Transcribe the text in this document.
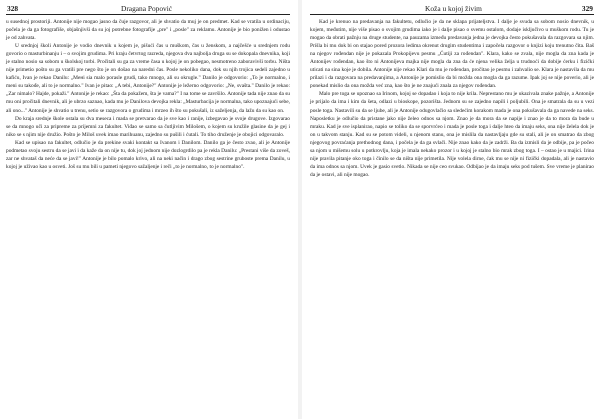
328	Dragana Popović

u susednoj prostoriji. Antonije nije mogao jasno da čuje razgovor, ali je shvatio da muj je on predmet. Kad se vratila u ordinaciju, počela je da ga fotografiše, objašnjivši da su joj potrebne fotografije „pre" i „posle" za reklamu. Antonije je bio ponižen i odustao je od zahvata.

U srednjoj školi Antonije je vodio dnevnik u kojem je, pišući čas u muškom, čas u ženskom, a najčešće u srednjem rodu govorio o masturbinanju i – o svojim grudima. Pri kraju četvrtog razreda, njegova dva najbolja druga su se dokopala dnevnika, koji je stalno nosio sa sobom u školskoj torbi. Pročitali su ga za vreme časa u kojoj je on pobegao, nesmotreno zaboravivši torbu. Ništa nije primetio pošto su ga vratili pre nego što je on došao na naredni čas. Posle nekoliko dana, dok su njih trojica sedeli zajedno u kafiću, Ivan je rekao Danilu: „Mені sia malo porasle grudi, tako mnogo, ali su okrugle." Danilo je odgovorio: „To je normalno, i meni su takođe, ali to je normalno." Ivan je pitao: „A tebi, Antonije?" Antonije je ležerno odgovorio: „Ne, svašta." Danilo je rekao: „Zar nimalo? Hajde, pokaži." Antonije je rekao: „Šta da pokažem, šta je vama?" I na tome se završilo. Antonije tada nije znao da su mu oni pročitali dnevnik, ali je ubrzo saznao, kada mu je Danilova devojka rekla: „Masturbacija je normalna, tako upoznajući sebe, ali ono..." Antonije je shvatio u trenu, setio se razgovora o grudima i mrzeo ih što su pokušali, iz saželjenja, da lažu da su kao on.

Do kraja srednje škole ostala su dva meseca i mada se pretvarao da je sve kao i ranije, izbegavao je svoje drugove. Izgovarao se da mnogo uči za pripreme za prijemni za fakultet. Viđao se samo sa čutljivim Milošem, o kojem su kružile glasine da je gej i niko se s njim nije družio. Pošto je Miloš uvek imao marihuanu, zajedno su pušili i ćutali. To tiho druženje je obojici odgovaralo.

Kad se upisao na fakultet, odlučio je da prekine svaki kontakt sa Ivanom i Danilom. Danilo ga je često zvao, ali je Antonije podmetao svoju sestru da se javi i da kaže da on nije tu, dok joj jednom nije dozlogrdilo pa je rekla Danilu: „Prestani više da zoveš, zar ne shvataš da neće da se javi!" Antonije je bilo pomalo krivo, ali na neki način i drago zbog sestrine gruboste prema Danilu, u kojoj je uživao kao u osveti. Još su mu bili u pameti njegovo sažaljenje i reči „to je normalno, to je normalno".

Koža u kojoj živim	329

Kad je krenuo na predavanja na fakultetu, odlučio je da ne sklapa prijateljstva. I dalje je svuda sa sobom nosio dnevnik, u kojem, međutim, nije više pisao o svojim grudima iako je i dalje pisao o svemu ostalom, dodaje isključivo u muškom rodu. Tu je mogao da obrati pažnju na druge studente, na pauzama između predavanja jedna je devojka često pokušavala da razgovara sa njim. Prišla bi mu dok bi on stajao pored prozora ledima okrenut drugim studentima i započela razgovor o knjizi koju trenutno čita. Baš na njegov rođendan nije je pokazala Prokopijevu pesmu „Ćutiji za rođendan". Klara, kako se zvala, nije mogla da zna kada je Antonijev rođendan, kao što ni Antonijeva majka nije mogla da zna da će njena velika želja u trudnoći da dobije ćerku i fizički uticati na sina koje je dobila. Antonije nije rekao Klari da mu je rođendan, pročitao je pesmu i zahvalio se. Klara je nastavila da mu prilazi i da razgovara na predavanjima, a Antonije je pomislio da bi možda ona mogla da ga razume. Ipak joj se nije poverio, ali je ponekad mislio da ona možda već zna, kao što je ne znajući znala za njegov rođendan.

Malo pre toga se upoznao sa Irinom, kojoj se dopadao i koja to nije krila. Neprestano mu je ukazivala znake pažnje, a Antonije je prijalo da ima i kim da šeta, odlazi u bioskope, pozorišta. Jednom su se zajedno napili i poljubili. Ona je smatrala da su u vezi posle toga. Nastavili su da se ljube, ali je Antonije odugovlačio sa sledećim korakom mada je ona pokušavala da ga navede na seks. Naposletku je odlučio da pristane jako nije želeo odnos sa njom. Znao je da mora da se napije i znao je da to mora da bude u mraku. Kad je sve isplanirao, napio se toliko da se sporvrćeo i mada je posle toga i dalje hteo da imaju seks, ona nije želela dok je on u takvom stanju. Kad su se potom videli, u njenom stanu, ona je mislila da nastavljaju gde su stali, ali je on smatrao da zbog njegovog povraćanja prethodnog dana, i počela je da ga svlači. Nije znao kako da je zadrži. Ba da izmisli da je odbije, pa je počeo sa njom u mišemu solu u potkrovlju, koja je imala nekako prozor i u kojoj je stalno bio mrak zbog toga. I – ostao je u majici. Irina nije pravila pitanje oko toga i činilo se da ništa nije primetila. Nije volela dirne, ćak mu se nije ni fizički dopadala, ali je nastavio da ima odnos sa njom. Uvek je gasio svetlo. Nikada se nije ceo svukao. Odbijao je da imaju seks pod tušem. Sve vreme je planirao da je ostavi, ali nije mogao.
